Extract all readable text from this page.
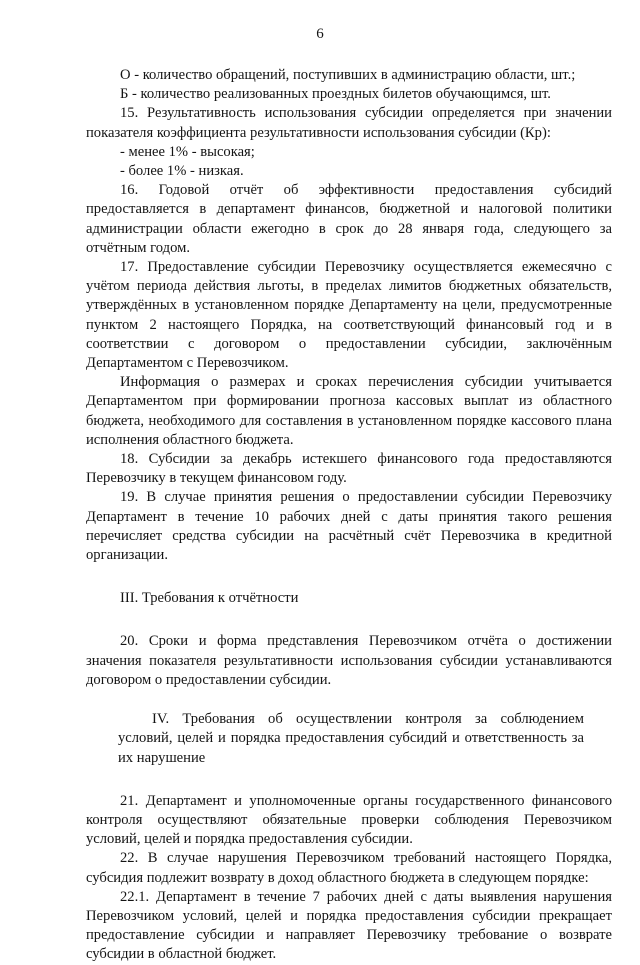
6

О - количество обращений, поступивших в администрацию области, шт.;

Б - количество реализованных проездных билетов обучающимся, шт.

15. Результативность использования субсидии определяется при значении показателя коэффициента результативности использования субсидии (Кр):

- менее 1% - высокая;

- более 1% - низкая.

16. Годовой отчёт об эффективности предоставления субсидий предоставляется в департамент финансов, бюджетной и налоговой политики администрации области ежегодно в срок до 28 января года, следующего за отчётным годом.

17. Предоставление субсидии Перевозчику осуществляется ежемесячно с учётом периода действия льготы, в пределах лимитов бюджетных обязательств, утверждённых в установленном порядке Департаменту на цели, предусмотренные пунктом 2 настоящего Порядка, на соответствующий финансовый год и в соответствии с договором о предоставлении субсидии, заключённым Департаментом с Перевозчиком.

Информация о размерах и сроках перечисления субсидии учитывается Департаментом при формировании прогноза кассовых выплат из областного бюджета, необходимого для составления в установленном порядке кассового плана исполнения областного бюджета.

18. Субсидии за декабрь истекшего финансового года предоставляются Перевозчику в текущем финансовом году.

19. В случае принятия решения о предоставлении субсидии Перевозчику Департамент в течение 10 рабочих дней с даты принятия такого решения перечисляет средства субсидии на расчётный счёт Перевозчика в кредитной организации.

III. Требования к отчётности

20. Сроки и форма представления Перевозчиком отчёта о достижении значения показателя результативности использования субсидии устанавливаются договором о предоставлении субсидии.

IV. Требования об осуществлении контроля за соблюдением условий, целей и порядка предоставления субсидий и ответственность за их нарушение

21. Департамент и уполномоченные органы государственного финансового контроля осуществляют обязательные проверки соблюдения Перевозчиком условий, целей и порядка предоставления субсидии.

22. В случае нарушения Перевозчиком требований настоящего Порядка, субсидия подлежит возврату в доход областного бюджета в следующем порядке:

22.1. Департамент в течение 7 рабочих дней с даты выявления нарушения Перевозчиком условий, целей и порядка предоставления субсидии прекращает предоставление субсидии и направляет Перевозчику требование о возврате субсидии в областной бюджет.
